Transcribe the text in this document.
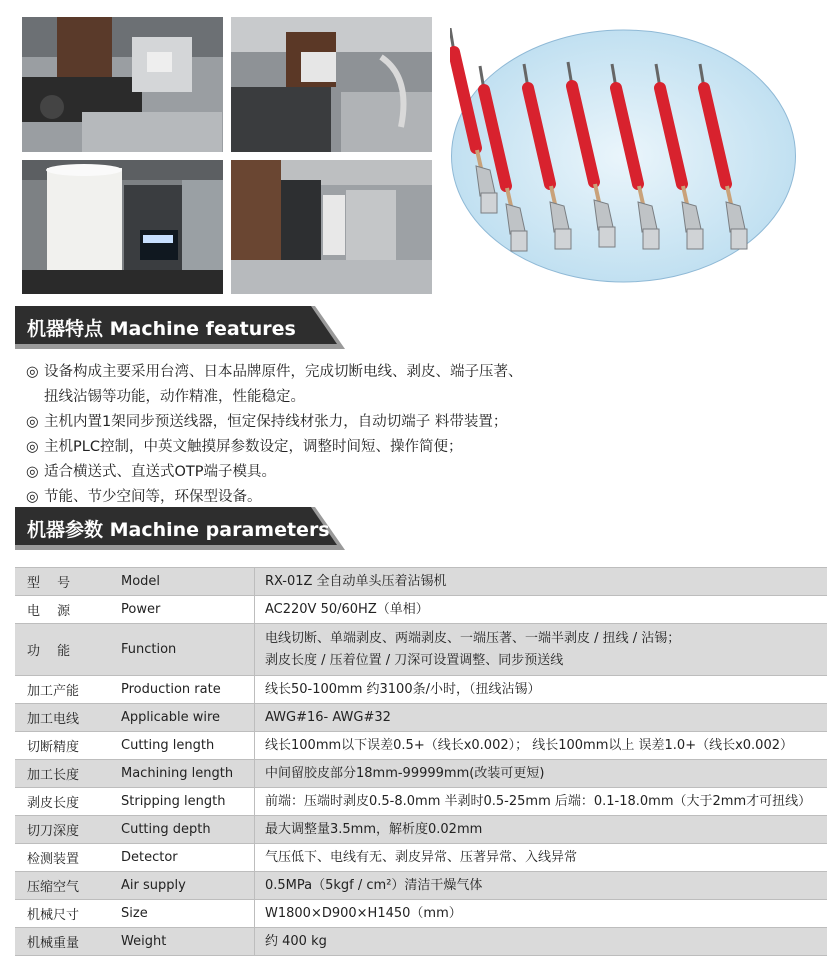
机器特点 Machine features
◎ 设备构成主要采用台湾、日本品牌原件，完成切断电线、剥皮、端子压著、
扭线沾锡等功能，动作精准，性能稳定。
◎ 主机内置1架同步预送线器，恒定保持线材张力，自动切端子 料带装置；
◎ 主机PLC控制，中英文触摸屏参数设定，调整时间短、操作简便；
◎ 适合横送式、直送式OTP端子模具。
◎ 节能、节少空间等，环保型设备。
机器参数 Machine parameters
型　 号	Model	RX-01Z 全自动单头压着沾锡机

电　 源	Power	AC220V 50/60HZ（单相）

功　 能	Function	电线切断、单端剥皮、两端剥皮、一端压著、一端半剥皮 / 扭线 / 沾锡；
剥皮长度 / 压着位置 / 刀深可设置调整、同步预送线

加工产能	Production rate	线长50-100mm 约3100条/小时，（扭线沾锡）

加工电线	Applicable wire	AWG#16- AWG#32

切断精度	Cutting length	线长100mm以下误差0.5+（线长x0.002）； 线长100mm以上 误差1.0+（线长x0.002）

加工长度	Machining length	中间留胶皮部分18mm-99999mm(改装可更短)

剥皮长度	Stripping length	前端：压端时剥皮0.5-8.0mm 半剥时0.5-25mm 后端：0.1-18.0mm（大于2mm才可扭线）

切刀深度	Cutting depth	最大调整量3.5mm，解析度0.02mm

检测装置	Detector	气压低下、电线有无、剥皮异常、压著异常、入线异常

压缩空气	Air supply	0.5MPa（5kgf / cm²）清洁干燥气体

机械尺寸	Size	W1800×D900×H1450（mm）

机械重量	Weight	约 400 kg
